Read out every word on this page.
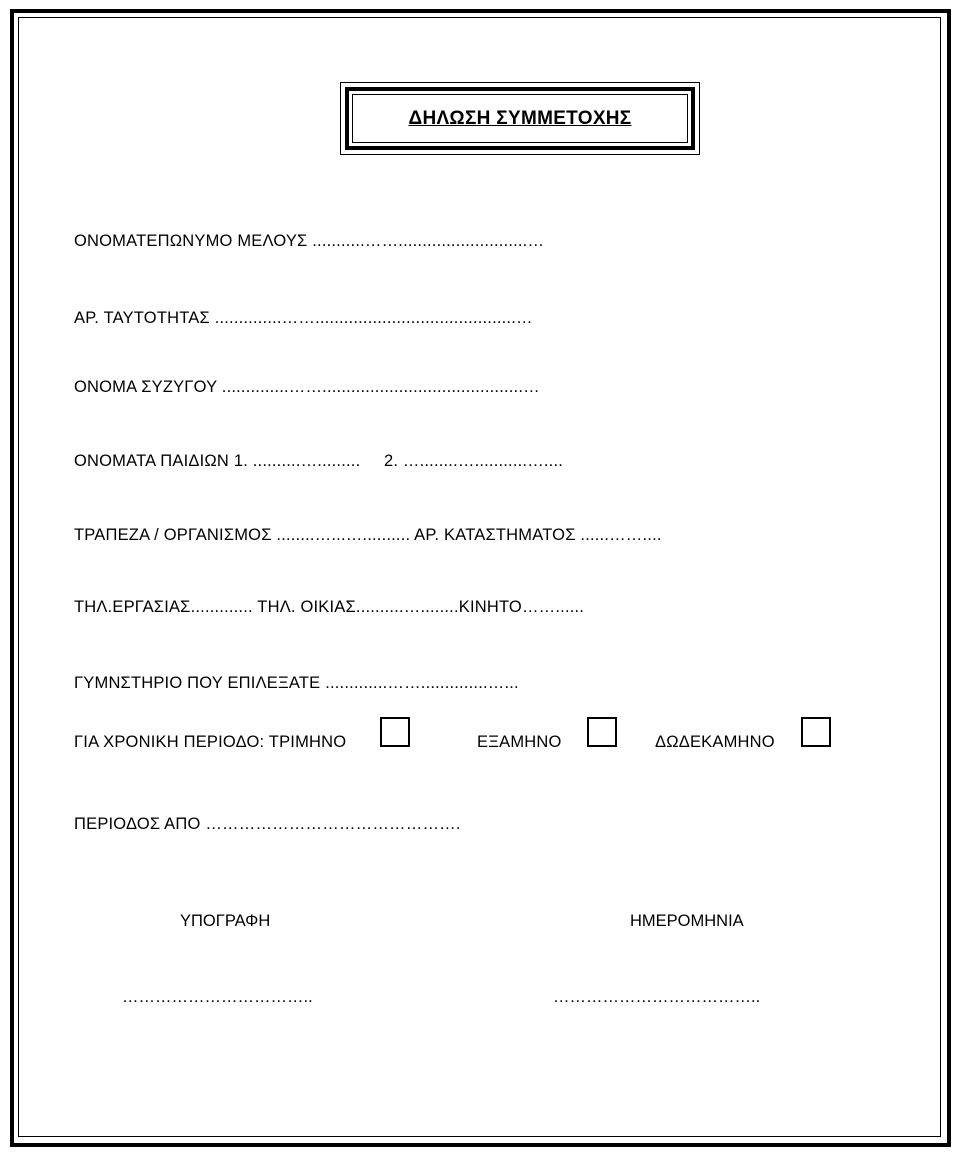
ΔΗΛΩΣΗ ΣΥΜΜΕΤΟΧΗΣ
ΟΝΟΜΑΤΕΠΩΝΥΜΟ ΜΕΛΟΥΣ ...........……...........................…
ΑΡ. ΤΑΥΤΟΤΗΤΑΣ ..............……..........................................…
ΟΝΟΜΑ ΣΥΖΥΓΟΥ ..............……..........................................…
ΟΝΟΜΑΤΑ ΠΑΙΔΙΩΝ 1. ..........…......... 2. …........…...........…....
ΤΡΑΠΕΖΑ / ΟΡΓΑΝΙΣΜΟΣ ........…...….......... ΑΡ. ΚΑΤΑΣΤΗΜΑΤΟΣ ......……....
ΤΗΛ.ΕΡΓΑΣΙΑΣ............. ΤΗΛ. ΟΙΚΙΑΣ..........…........ΚΙΝΗΤΟ……......
ΓΥΜΝΣΤΗΡΙΟ ΠΟΥ ΕΠΙΛΕΞΑΤΕ .............……..............…...
ΓΙΑ ΧΡΟΝΙΚΗ ΠΕΡΙΟΔΟ: ΤΡΙΜΗΝΟ	ΕΞΑΜΗΝΟ	ΔΩΔΕΚΑΜΗΝΟ
ΠΕΡΙΟΔΟΣ ΑΠΟ ……………………………………….
ΥΠΟΓΡΑΦΗ	ΗΜΕΡΟΜΗΝΙΑ
……………………………..	………………………………..
